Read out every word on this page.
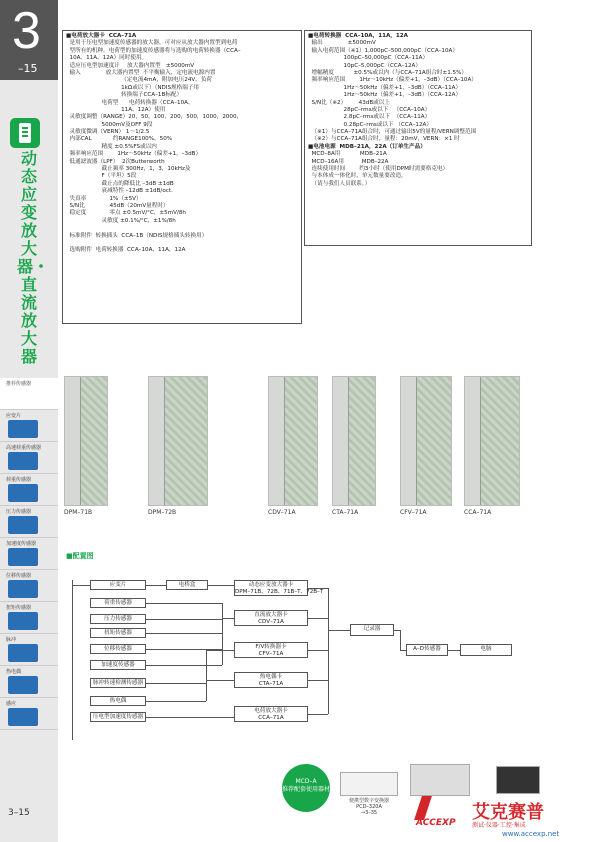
3
–15
动态应变放大器・直流放大器
推荐传感器
应变片
高速荷重传感器
荷重传感器
压力传感器
加速度传感器
位移传感器
扭矩传感器
脉冲
热电偶
感应
3–15
■电荷放大器卡  CCA–71A
是用于压电型加速度传感器的放大器，可对应从放大器内置型到电荷
型所有的机种。电荷型的加速度传感器将与选购的电荷转换器（CCA–
10A、11A、12A）同时使用。
适应压电型加速度计    放大器内置型   ±5000mV
输入              放大器内置型  不平衡输入，定电流电源内置
（定电流4mA，附加电压24V，负荷
1kΩ或以下）（NDIS规格端子用
转换端子CCA–1B标配）
电荷型      电荷转换器（CCA–10A、
11A、12A）使用
灵敏度调整（RANGE）20，50，100，200，500，1000，2000，
5000mV及OFF 9段
灵敏度微调（VERN） 1～1/2.5
内部CAL            约RANGE100%，50%
精度 ±0.5%FS或以内
频率响应范围        1Hz～50kHz（偏差+1，–3dB）
低通滤波器（LPF）  2次Butterworth
截止频率 300Hz，1，3，10kHz及
F（平坦）5段
截止点的降低比 –3dB ±1dB
衰减特性 –12dB ±1dB/oct.
失真率             1%（±5V）
S/N比              45dB（20mV量程时）
稳定度             零点 ±0.5mV/°C，±5mV/8h
灵敏度 ±0.1%/°C，±1%/8h
标准附件  转换插头  CCA–1B（NDIS规格插头转换用）
选购附件  电荷转换器  CCA–10A，11A，12A
■电荷转换器  CCA–10A，11A，12A
输出              ±5000mV
输入电荷范围（※1）1,000pC–500,000pC（CCA–10A）
100pC–50,000pC（CCA–11A）
10pC–5,000pC（CCA–12A）
增幅精度           ±0.5%或以内（与CCA–71A组合时±1.5%）
频率响应范围        1Hz～10kHz（偏差+1，–3dB）（CCA–10A）
1Hz～50kHz（偏差+1，–3dB）（CCA–11A）
1Hz～50kHz（偏差+1，–3dB）（CCA–12A）
S/N比（※2）       43dB或以上
28pC–rms或以下   （CCA–10A）
2.8pC–rms或以下  （CCA–11A）
0.28pC–rms或以下 （CCA–12A）
（※1）与CCA–71A组合时，可通过输出5V的量程/VERN调整范围
（※2）与CCA–71A组合时，量程：20mV，VERN：×1 时
■电池电源  MDB–21A，22A（订单生产品）
MCD–8A用           MDB–21A
MCD–16A用          MDB–22A
连续使用时间        约3小时（使用DPM时需要格克电）
与本体成一体化时，单元数量要改造。
（请与我们人员联系。）
DPM–71B	DPM–72B	CDV–71A	CTA–71A	CFV–71A	CCA–71A
■配置图
应变片
荷重传感器
压力传感器
扭矩传感器
位移传感器
加速度传感器
脉冲转速检测传感器
热电偶
压电型加速度传感器
电桥盒	动态应变放大器卡
DPM–71B、72B、71B–T、72B–T
直流放大器卡
CDV–71A
F/V转换器卡
CFV–71A
热电偶卡
CTA–71A
电荷放大器卡
CCA–71A
记录器
A–D传感器	电脑
MCD–A
推荐配套使用器材
便携型数字变换器
PCD–320A
→3–35	艾克赛普
ACCEXP	测试·仪器·工控·集成
www.accexp.net
